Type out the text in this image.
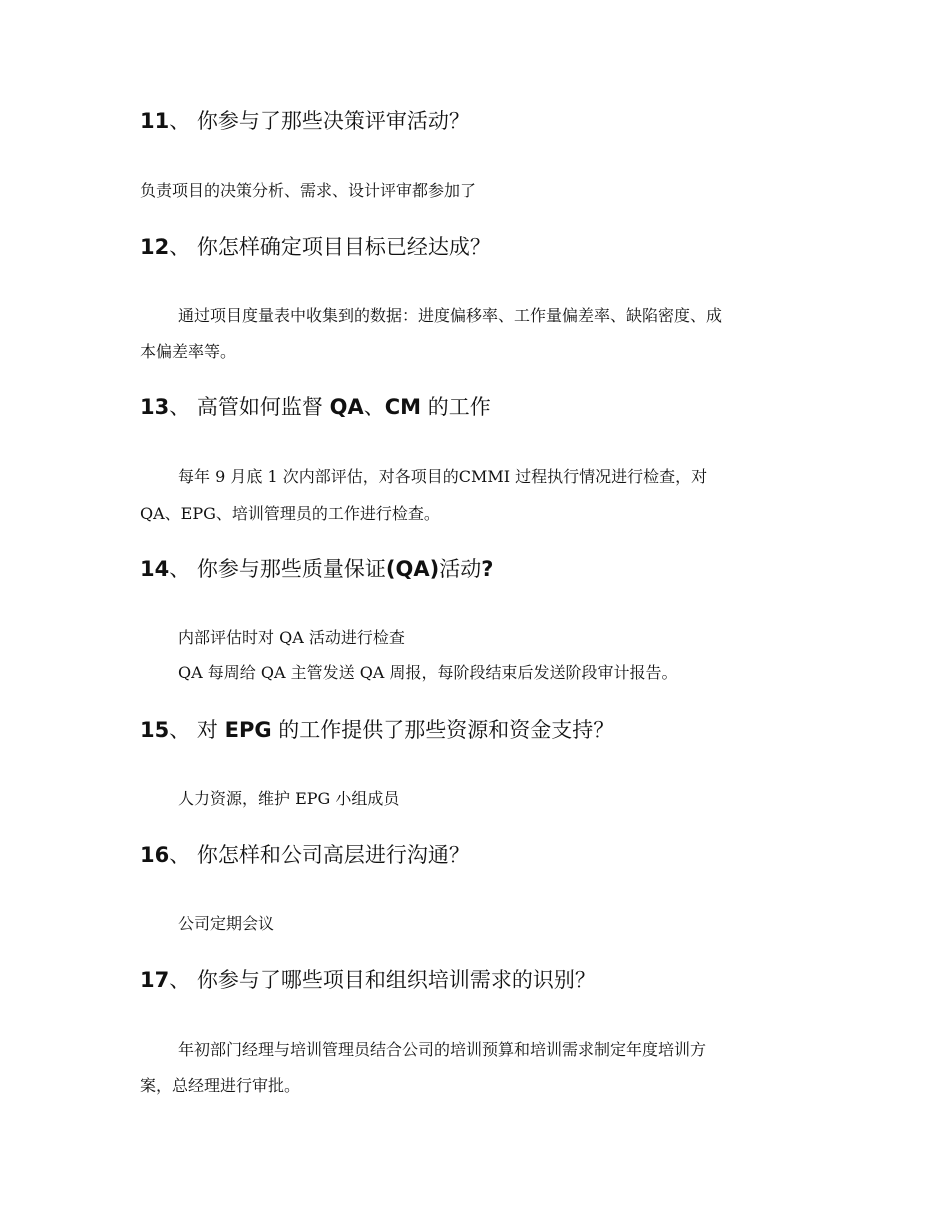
11、 你参与了那些决策评审活动？
负责项目的决策分析、需求、设计评审都参加了
12、 你怎样确定项目目标已经达成？
通过项目度量表中收集到的数据：进度偏移率、工作量偏差率、缺陷密度、成
本偏差率等。
13、 高管如何监督 QA、CM 的工作
每年 9 月底 1 次内部评估，对各项目的CMMI 过程执行情况进行检查，对
QA、EPG、培训管理员的工作进行检查。
14、 你参与那些质量保证(QA)活动?
内部评估时对 QA 活动进行检查
QA 每周给 QA 主管发送 QA 周报，每阶段结束后发送阶段审计报告。
15、 对 EPG 的工作提供了那些资源和资金支持？
人力资源，维护 EPG 小组成员
16、 你怎样和公司高层进行沟通？
公司定期会议
17、 你参与了哪些项目和组织培训需求的识别？
年初部门经理与培训管理员结合公司的培训预算和培训需求制定年度培训方
案，总经理进行审批。
